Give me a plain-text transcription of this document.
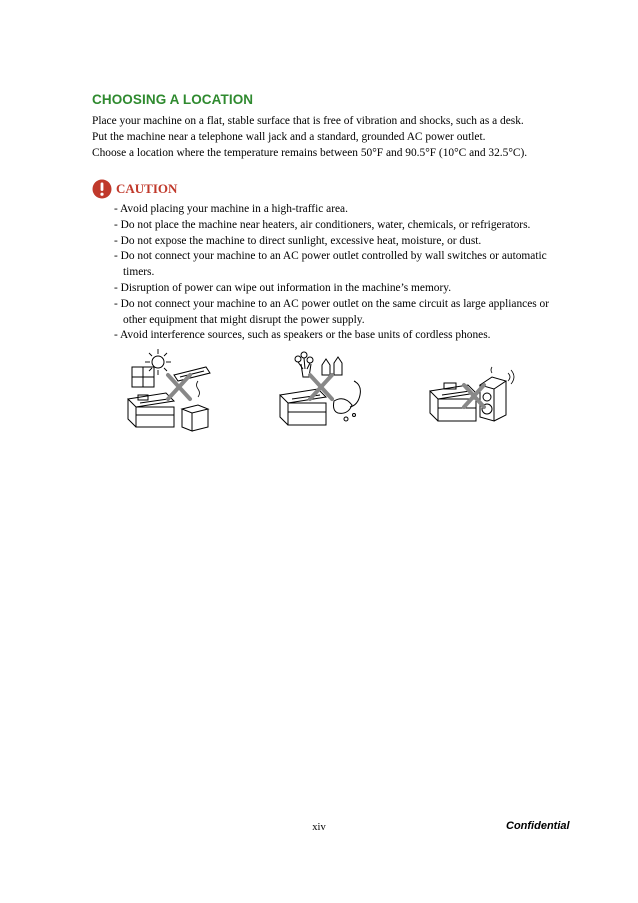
CHOOSING A LOCATION
Place your machine on a flat, stable surface that is free of vibration and shocks, such as a desk.
Put the machine near a telephone wall jack and a standard, grounded AC power outlet.
Choose a location where the temperature remains between 50°F and 90.5°F (10°C and 32.5°C).
CAUTION
- Avoid placing your machine in a high-traffic area.
- Do not place the machine near heaters, air conditioners, water, chemicals, or refrigerators.
- Do not expose the machine to direct sunlight, excessive heat, moisture, or dust.
- Do not connect your machine to an AC power outlet controlled by wall switches or automatic
timers.
- Disruption of power can wipe out information in the machine’s memory.
- Do not connect your machine to an AC power outlet on the same circuit as large appliances or
other equipment that might disrupt the power supply.
- Avoid interference sources, such as speakers or the base units of cordless phones.
xiv	Confidential
